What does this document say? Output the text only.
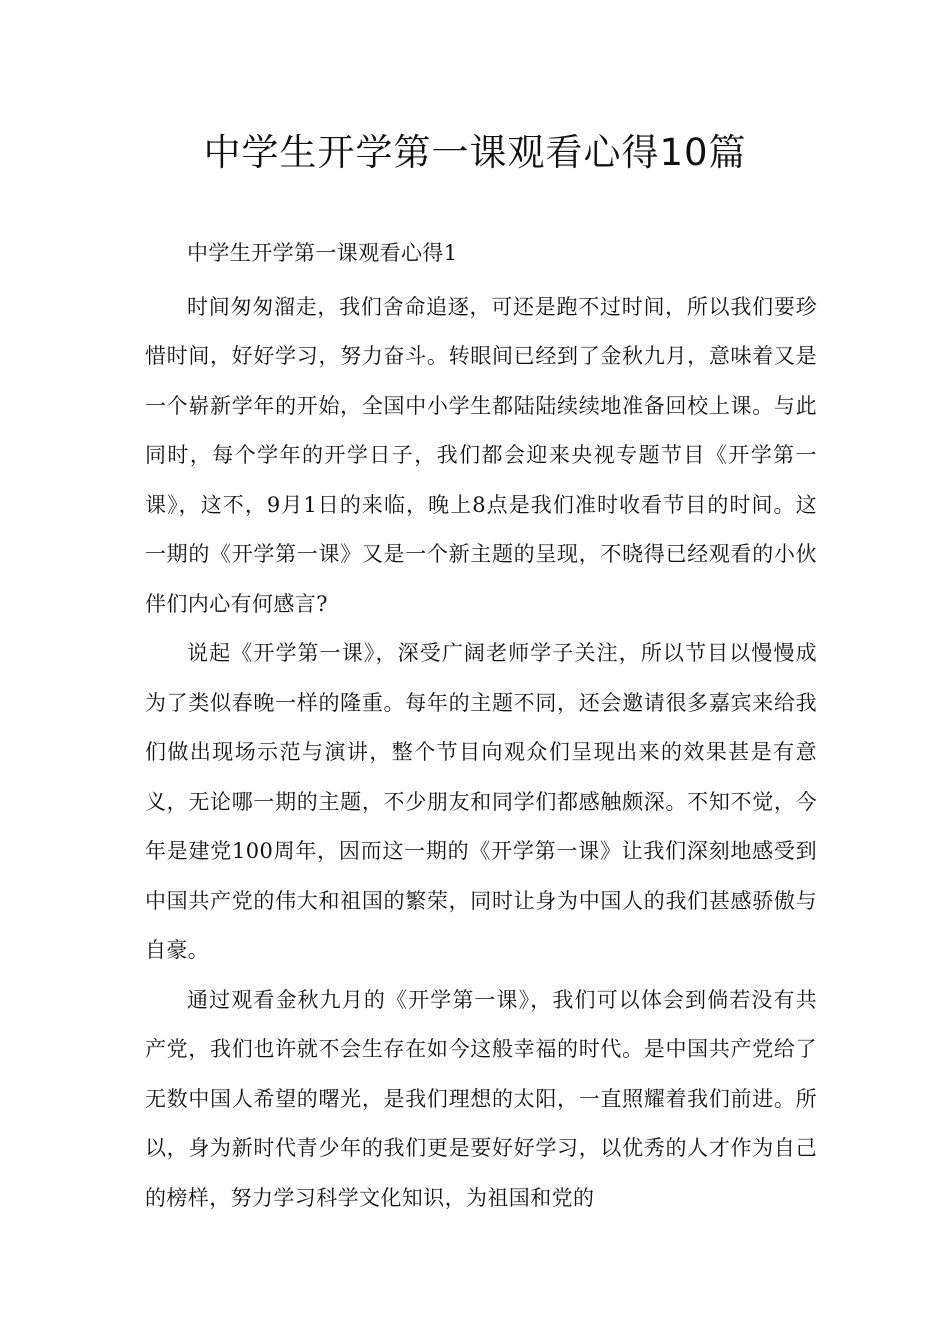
中学生开学第一课观看心得10篇

中学生开学第一课观看心得1

时间匆匆溜走，我们舍命追逐，可还是跑不过时间，所以我们要珍惜时间，好好学习，努力奋斗。转眼间已经到了金秋九月，意味着又是一个崭新学年的开始，全国中小学生都陆陆续续地准备回校上课。与此同时，每个学年的开学日子，我们都会迎来央视专题节目《开学第一课》，这不，9月1日的来临，晚上8点是我们准时收看节目的时间。这一期的《开学第一课》又是一个新主题的呈现，不晓得已经观看的小伙伴们内心有何感言?

说起《开学第一课》，深受广阔老师学子关注，所以节目以慢慢成为了类似春晚一样的隆重。每年的主题不同，还会邀请很多嘉宾来给我们做出现场示范与演讲，整个节目向观众们呈现出来的效果甚是有意义，无论哪一期的主题，不少朋友和同学们都感触颇深。不知不觉，今年是建党100周年，因而这一期的《开学第一课》让我们深刻地感受到中国共产党的伟大和祖国的繁荣，同时让身为中国人的我们甚感骄傲与自豪。

通过观看金秋九月的《开学第一课》，我们可以体会到倘若没有共产党，我们也许就不会生存在如今这般幸福的时代。是中国共产党给了无数中国人希望的曙光，是我们理想的太阳，一直照耀着我们前进。所以，身为新时代青少年的我们更是要好好学习，以优秀的人才作为自己的榜样，努力学习科学文化知识，为祖国和党的
